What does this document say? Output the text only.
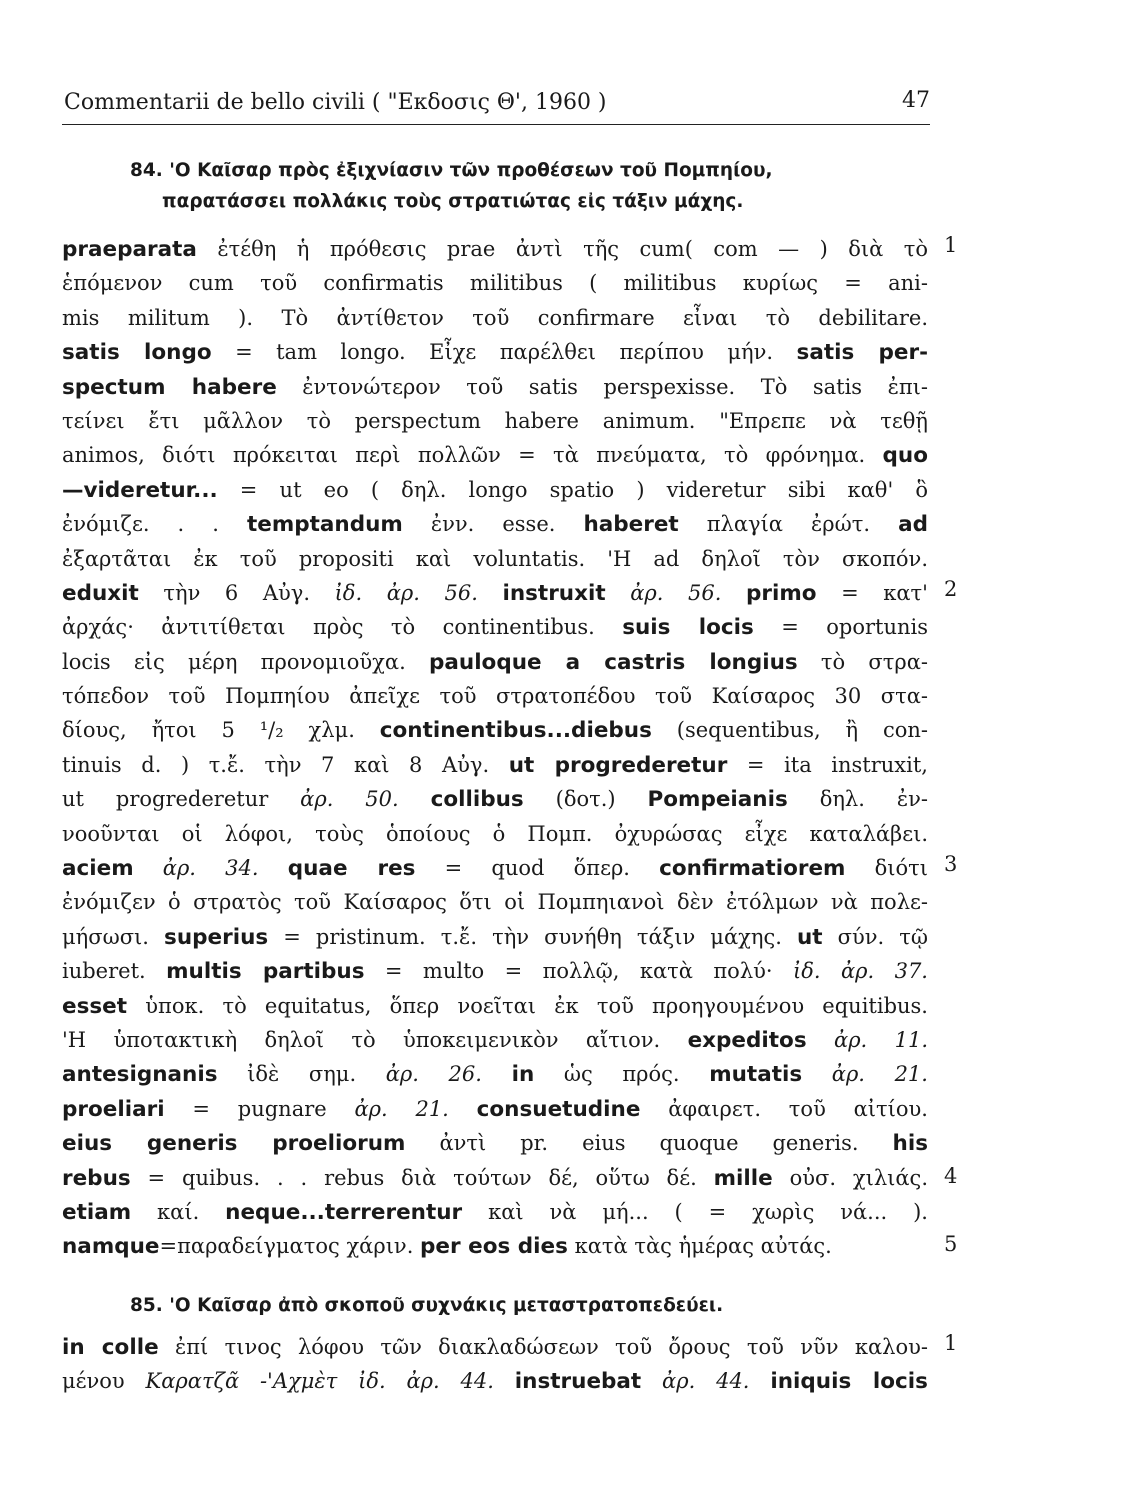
Commentarii de bello civili ( "Εκδοσις Θ', 1960 )	47
84. 'Ο Καῖσαρ πρὸς ἐξιχνίασιν τῶν προθέσεων τοῦ Πομπηίου,
παρατάσσει πολλάκις τοὺς στρατιώτας εἰς τάξιν μάχης.
praeparata ἐτέθη ἡ πρόθεσις prae ἀντὶ τῆς cum( com — ) διὰ τὸ
ἑπόμενον cum τοῦ confirmatis militibus ( militibus κυρίως = ani-
mis militum ). Τὸ ἀντίθετον τοῦ confirmare εἶναι τὸ debilitare.
satis longo = tam longo. Εἶχε παρέλθει περίπου μήν. satis per-
spectum habere ἐντονώτερον τοῦ satis perspexisse. Τὸ satis ἐπι-
τείνει ἔτι μᾶλλον τὸ perspectum habere animum. "Επρεπε νὰ τεθῇ
animos, διότι πρόκειται περὶ πολλῶν = τὰ πνεύματα, τὸ φρόνημα. quo
—videretur... = ut eo ( δηλ. longo spatio ) videretur sibi καθ' ὃ
ἐνόμιζε. . . temptandum ἐνν. esse. haberet πλαγία ἐρώτ. ad
ἐξαρτᾶται ἐκ τοῦ propositi καὶ voluntatis. 'Η ad δηλοῖ τὸν σκοπόν.
eduxit τὴν 6 Αὐγ. ἰδ. ἀρ. 56. instruxit ἀρ. 56. primo = κατ'
ἀρχάς· ἀντιτίθεται πρὸς τὸ continentibus. suis locis = oportunis
locis εἰς μέρη προνομιοῦχα. pauloque a castris longius τὸ στρα-
τόπεδον τοῦ Πομπηίου ἀπεῖχε τοῦ στρατοπέδου τοῦ Καίσαρος 30 στα-
δίους, ἤτοι 5 ¹/₂ χλμ. continentibus...diebus (sequentibus, ἢ con-
tinuis d. ) τ.ἔ. τὴν 7 καὶ 8 Αὐγ. ut progrederetur = ita instruxit,
ut progrederetur ἀρ. 50. collibus (δοτ.) Pompeianis δηλ. ἐν-
νοοῦνται οἱ λόφοι, τοὺς ὁποίους ὁ Πομπ. ὀχυρώσας εἶχε καταλάβει.
aciem ἀρ. 34. quae res = quod ὅπερ. confirmatiorem διότι
ἐνόμιζεν ὁ στρατὸς τοῦ Καίσαρος ὅτι οἱ Πομπηιανοὶ δὲν ἐτόλμων νὰ πολε-
μήσωσι. superius = pristinum. τ.ἔ. τὴν συνήθη τάξιν μάχης. ut σύν. τῷ
iuberet. multis partibus = multo = πολλῷ, κατὰ πολύ· ἰδ. ἀρ. 37.
esset ὑποκ. τὸ equitatus, ὅπερ νοεῖται ἐκ τοῦ προηγουμένου equitibus.
'Η ὑποτακτικὴ δηλοῖ τὸ ὑποκειμενικὸν αἴτιον. expeditos ἀρ. 11.
antesignanis ἰδὲ σημ. ἀρ. 26. in ὡς πρός. mutatis ἀρ. 21.
proeliari = pugnare ἀρ. 21. consuetudine ἀφαιρετ. τοῦ αἰτίου.
eius generis proeliorum ἀντὶ pr. eius quoque generis. his
rebus = quibus. . . rebus διὰ τούτων δέ, οὕτω δέ. mille οὐσ. χιλιάς.
etiam καί. neque...terrerentur καὶ νὰ μή... ( = χωρὶς νά... ).
namque=παραδείγματος χάριν. per eos dies κατὰ τὰς ἡμέρας αὐτάς.
1
2
3
4
5
85. 'Ο Καῖσαρ ἀπὸ σκοποῦ συχνάκις μεταστρατοπεδεύει.
in colle ἐπί τινος λόφου τῶν διακλαδώσεων τοῦ ὄρους τοῦ νῦν καλου-
μένου Καρατζᾶ -'Αχμὲτ ἰδ. ἀρ. 44. instruebat ἀρ. 44. iniquis locis
1
